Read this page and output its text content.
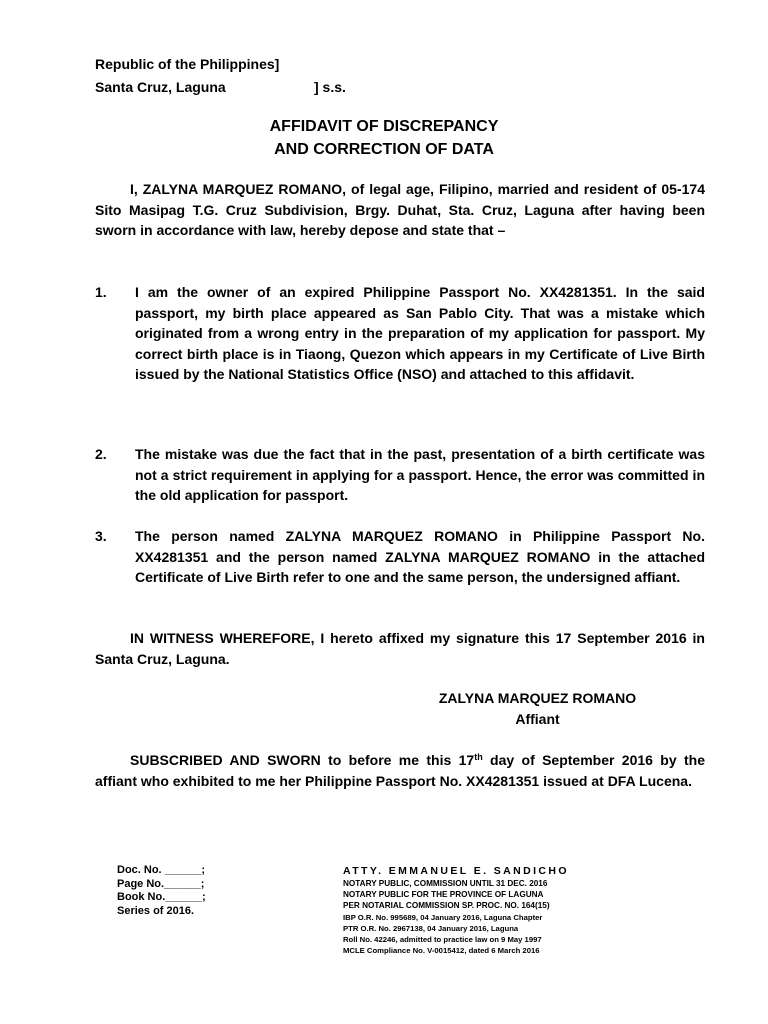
Republic of the Philippines]
Santa Cruz, Laguna	] s.s.
AFFIDAVIT OF DISCREPANCY
AND CORRECTION OF DATA
I, ZALYNA MARQUEZ ROMANO, of legal age, Filipino, married and resident of 05-174 Sito Masipag T.G. Cruz Subdivision, Brgy. Duhat, Sta. Cruz, Laguna after having been sworn in accordance with law, hereby depose and state that –
1. I am the owner of an expired Philippine Passport No. XX4281351. In the said passport, my birth place appeared as San Pablo City. That was a mistake which originated from a wrong entry in the preparation of my application for passport. My correct birth place is in Tiaong, Quezon which appears in my Certificate of Live Birth issued by the National Statistics Office (NSO) and attached to this affidavit.
2. The mistake was due the fact that in the past, presentation of a birth certificate was not a strict requirement in applying for a passport. Hence, the error was committed in the old application for passport.
3. The person named ZALYNA MARQUEZ ROMANO in Philippine Passport No. XX4281351 and the person named ZALYNA MARQUEZ ROMANO in the attached Certificate of Live Birth refer to one and the same person, the undersigned affiant.
IN WITNESS WHEREFORE, I hereto affixed my signature this 17 September 2016 in Santa Cruz, Laguna.
ZALYNA MARQUEZ ROMANO
Affiant
SUBSCRIBED AND SWORN to before me this 17th day of September 2016 by the affiant who exhibited to me her Philippine Passport No. XX4281351 issued at DFA Lucena.
Doc. No. ______;
Page No.______;
Book No.______;
Series of 2016.
ATTY. EMMANUEL E. SANDICHO
NOTARY PUBLIC, COMMISSION UNTIL 31 DEC. 2016
NOTARY PUBLIC FOR THE PROVINCE OF LAGUNA
PER NOTARIAL COMMISSION SP. PROC. NO. 164(15)
IBP O.R. No. 995689, 04 January 2016, Laguna Chapter
PTR O.R. No. 2967138, 04 January 2016, Laguna
Roll No. 42246, admitted to practice law on 9 May 1997
MCLE Compliance No. V-0015412, dated 6 March 2016
